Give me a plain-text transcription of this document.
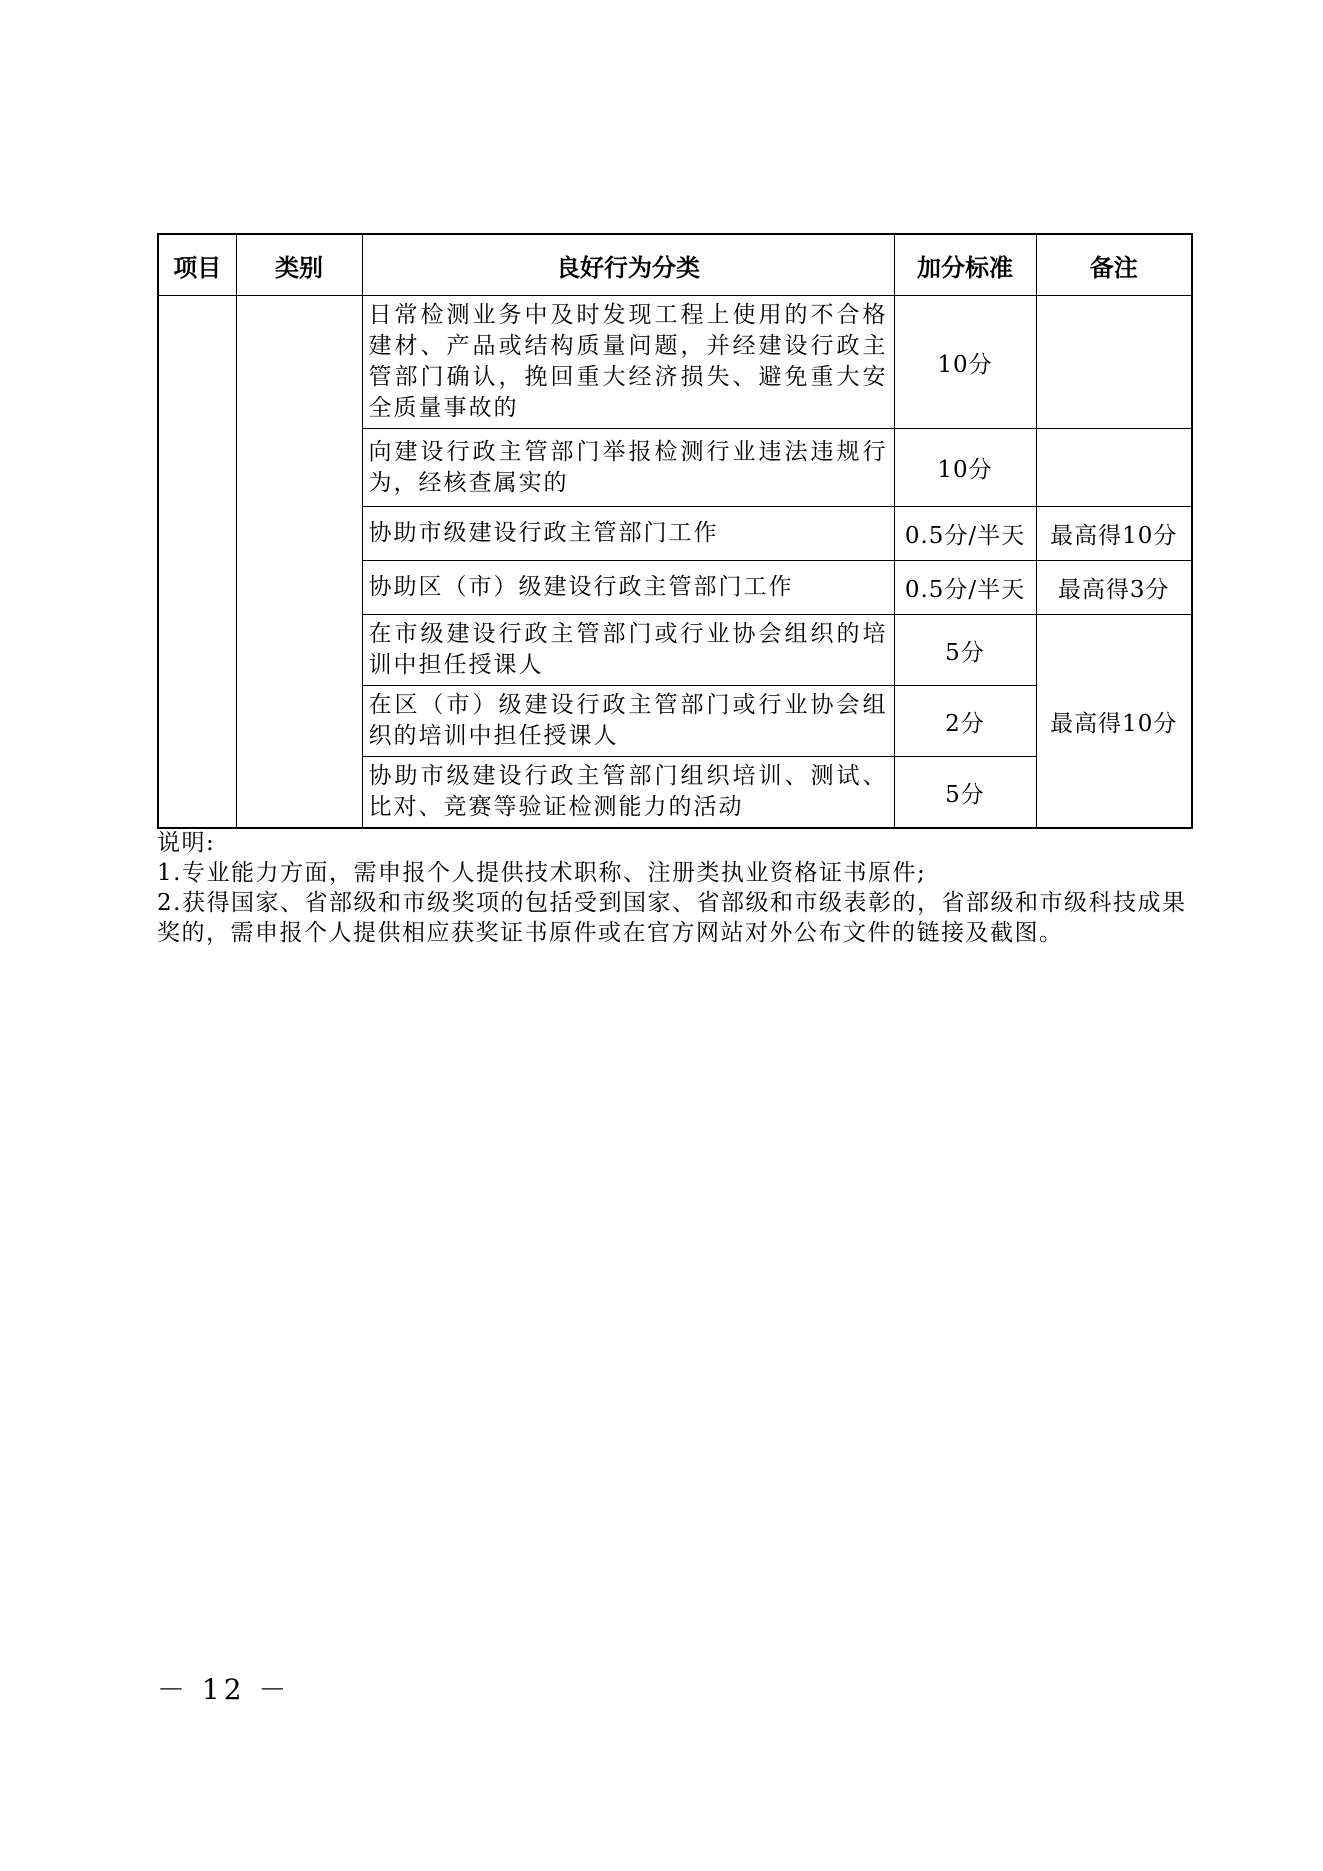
项目	类别	良好行为分类	加分标准	备注
		日常检测业务中及时发现工程上使用的不合格建材、产品或结构质量问题，并经建设行政主管部门确认，挽回重大经济损失、避免重大安全质量事故的	10分	
		向建设行政主管部门举报检测行业违法违规行为，经核查属实的	10分	
		协助市级建设行政主管部门工作	0.5分/半天	最高得10分
		协助区（市）级建设行政主管部门工作	0.5分/半天	最高得3分
		在市级建设行政主管部门或行业协会组织的培训中担任授课人	5分	最高得10分
		在区（市）级建设行政主管部门或行业协会组织的培训中担任授课人	2分	
		协助市级建设行政主管部门组织培训、测试、比对、竞赛等验证检测能力的活动	5分	

说明:

1.专业能力方面，需申报个人提供技术职称、注册类执业资格证书原件;

2.获得国家、省部级和市级奖项的包括受到国家、省部级和市级表彰的，省部级和市级科技成果奖的，需申报个人提供相应获奖证书原件或在官方网站对外公布文件的链接及截图。

－ 12 －
